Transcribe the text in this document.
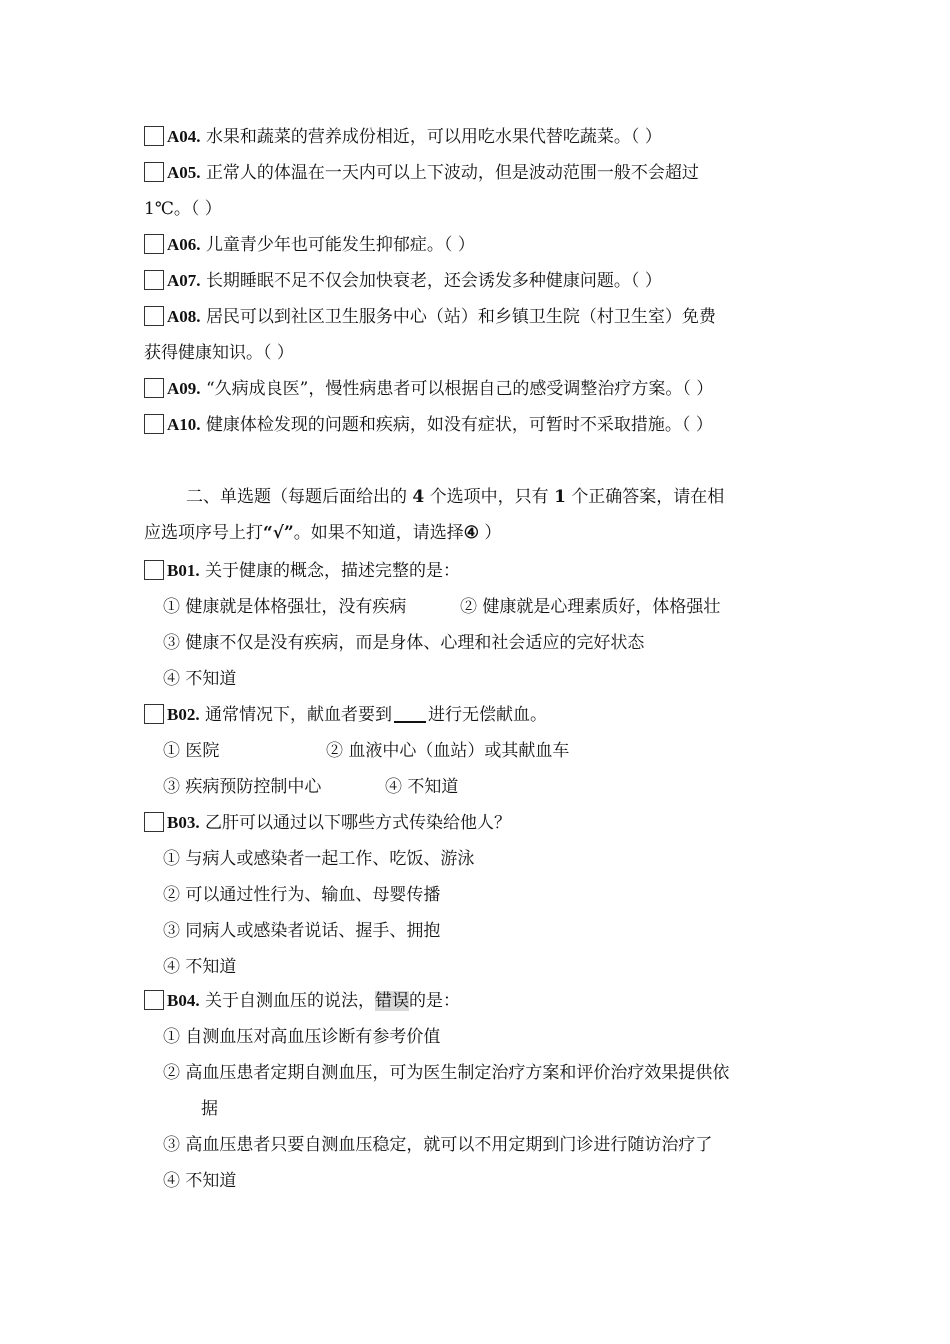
A04. 水果和蔬菜的营养成份相近，可以用吃水果代替吃蔬菜。（ ）
A05. 正常人的体温在一天内可以上下波动，但是波动范围一般不会超过
1℃。（ ）
A06. 儿童青少年也可能发生抑郁症。（ ）
A07. 长期睡眠不足不仅会加快衰老，还会诱发多种健康问题。（ ）
A08. 居民可以到社区卫生服务中心（站）和乡镇卫生院（村卫生室）免费
获得健康知识。（ ）
A09. “久病成良医”，慢性病患者可以根据自己的感受调整治疗方案。（ ）
A10. 健康体检发现的问题和疾病，如没有症状，可暂时不采取措施。（ ）
二、单选题（每题后面给出的 4 个选项中，只有 1 个正确答案，请在相
应选项序号上打“√”。如果不知道，请选择④ ）
B01. 关于健康的概念，描述完整的是：
① 健康就是体格强壮，没有疾病	② 健康就是心理素质好，体格强壮
③ 健康不仅是没有疾病，而是身体、心理和社会适应的完好状态
④ 不知道
B02. 通常情况下，献血者要到 进行无偿献血。
① 医院	② 血液中心（血站）或其献血车
③ 疾病预防控制中心	④ 不知道
B03. 乙肝可以通过以下哪些方式传染给他人？
① 与病人或感染者一起工作、吃饭、游泳
② 可以通过性行为、输血、母婴传播
③ 同病人或感染者说话、握手、拥抱
④ 不知道
B04. 关于自测血压的说法，错误的是：
① 自测血压对高血压诊断有参考价值
② 高血压患者定期自测血压，可为医生制定治疗方案和评价治疗效果提供依
据
③ 高血压患者只要自测血压稳定，就可以不用定期到门诊进行随访治疗了
④ 不知道
